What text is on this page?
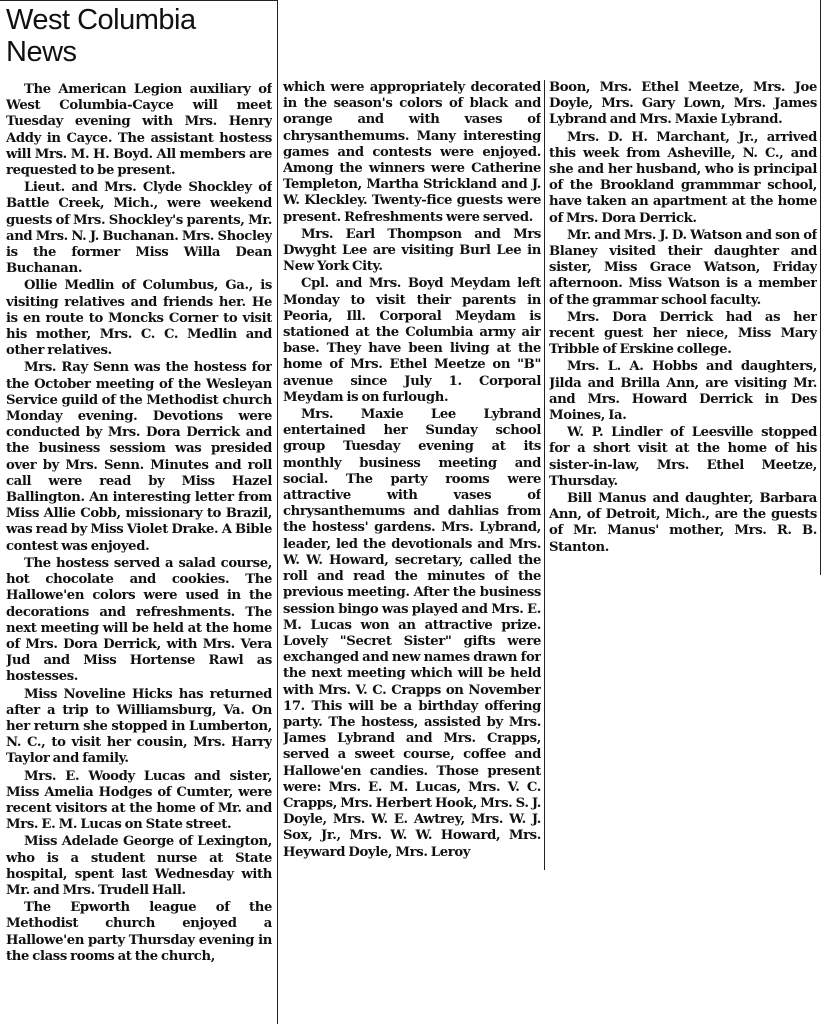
West Columbia
News

The American Legion auxiliary of West Columbia-Cayce will meet Tuesday evening with Mrs. Henry Addy in Cayce. The assistant hostess will Mrs. M. H. Boyd. All members are requested to be present.

Lieut. and Mrs. Clyde Shockley of Battle Creek, Mich., were weekend guests of Mrs. Shockley's parents, Mr. and Mrs. N. J. Buchanan. Mrs. Shocley is the former Miss Willa Dean Buchanan.

Ollie Medlin of Columbus, Ga., is visiting relatives and friends her. He is en route to Moncks Corner to visit his mother, Mrs. C. C. Medlin and other relatives.

Mrs. Ray Senn was the hostess for the October meeting of the Wesleyan Service guild of the Methodist church Monday evening. Devotions were conducted by Mrs. Dora Derrick and the business sessiom was presided over by Mrs. Senn. Minutes and roll call were read by Miss Hazel Ballington. An interesting letter from Miss Allie Cobb, missionary to Brazil, was read by Miss Violet Drake. A Bible contest was enjoyed.

The hostess served a salad course, hot chocolate and cookies. The Hallowe'en colors were used in the decorations and refreshments. The next meeting will be held at the home of Mrs. Dora Derrick, with Mrs. Vera Jud and Miss Hortense Rawl as hostesses.

Miss Noveline Hicks has returned after a trip to Williamsburg, Va. On her return she stopped in Lumberton, N. C., to visit her cousin, Mrs. Harry Taylor and family.

Mrs. E. Woody Lucas and sister, Miss Amelia Hodges of Cumter, were recent visitors at the home of Mr. and Mrs. E. M. Lucas on State street.

Miss Adelade George of Lexington, who is a student nurse at State hospital, spent last Wednesday with Mr. and Mrs. Trudell Hall.

The Epworth league of the Methodist church enjoyed a Hallowe'en party Thursday evening in the class rooms at the church,

which were appropriately decorated in the season's colors of black and orange and with vases of chrysanthemums. Many interesting games and contests were enjoyed. Among the winners were Catherine Templeton, Martha Strickland and J. W. Kleckley. Twenty-fice guests were present. Refreshments were served.

Mrs. Earl Thompson and Mrs Dwyght Lee are visiting Burl Lee in New York City.

Cpl. and Mrs. Boyd Meydam left Monday to visit their parents in Peoria, Ill. Corporal Meydam is stationed at the Columbia army air base. They have been living at the home of Mrs. Ethel Meetze on "B" avenue since July 1. Corporal Meydam is on furlough.

Mrs. Maxie Lee Lybrand entertained her Sunday school group Tuesday evening at its monthly business meeting and social. The party rooms were attractive with vases of chrysanthemums and dahlias from the hostess' gardens. Mrs. Lybrand, leader, led the devotionals and Mrs. W. W. Howard, secretary, called the roll and read the minutes of the previous meeting. After the business session bingo was played and Mrs. E. M. Lucas won an attractive prize. Lovely "Secret Sister" gifts were exchanged and new names drawn for the next meeting which will be held with Mrs. V. C. Crapps on November 17. This will be a birthday offering party. The hostess, assisted by Mrs. James Lybrand and Mrs. Crapps, served a sweet course, coffee and Hallowe'en candies. Those present were: Mrs. E. M. Lucas, Mrs. V. C. Crapps, Mrs. Herbert Hook, Mrs. S. J. Doyle, Mrs. W. E. Awtrey, Mrs. W. J. Sox, Jr., Mrs. W. W. Howard, Mrs. Heyward Doyle, Mrs. Leroy

Boon, Mrs. Ethel Meetze, Mrs. Joe Doyle, Mrs. Gary Lown, Mrs. James Lybrand and Mrs. Maxie Lybrand.

Mrs. D. H. Marchant, Jr., arrived this week from Asheville, N. C., and she and her husband, who is principal of the Brookland grammmar school, have taken an apartment at the home of Mrs. Dora Derrick.

Mr. and Mrs. J. D. Watson and son of Blaney visited their daughter and sister, Miss Grace Watson, Friday afternoon. Miss Watson is a member of the grammar school faculty.

Mrs. Dora Derrick had as her recent guest her niece, Miss Mary Tribble of Erskine college.

Mrs. L. A. Hobbs and daughters, Jilda and Brilla Ann, are visiting Mr. and Mrs. Howard Derrick in Des Moines, Ia.

W. P. Lindler of Leesville stopped for a short visit at the home of his sister-in-law, Mrs. Ethel Meetze, Thursday.

Bill Manus and daughter, Barbara Ann, of Detroit, Mich., are the guests of Mr. Manus' mother, Mrs. R. B. Stanton.
